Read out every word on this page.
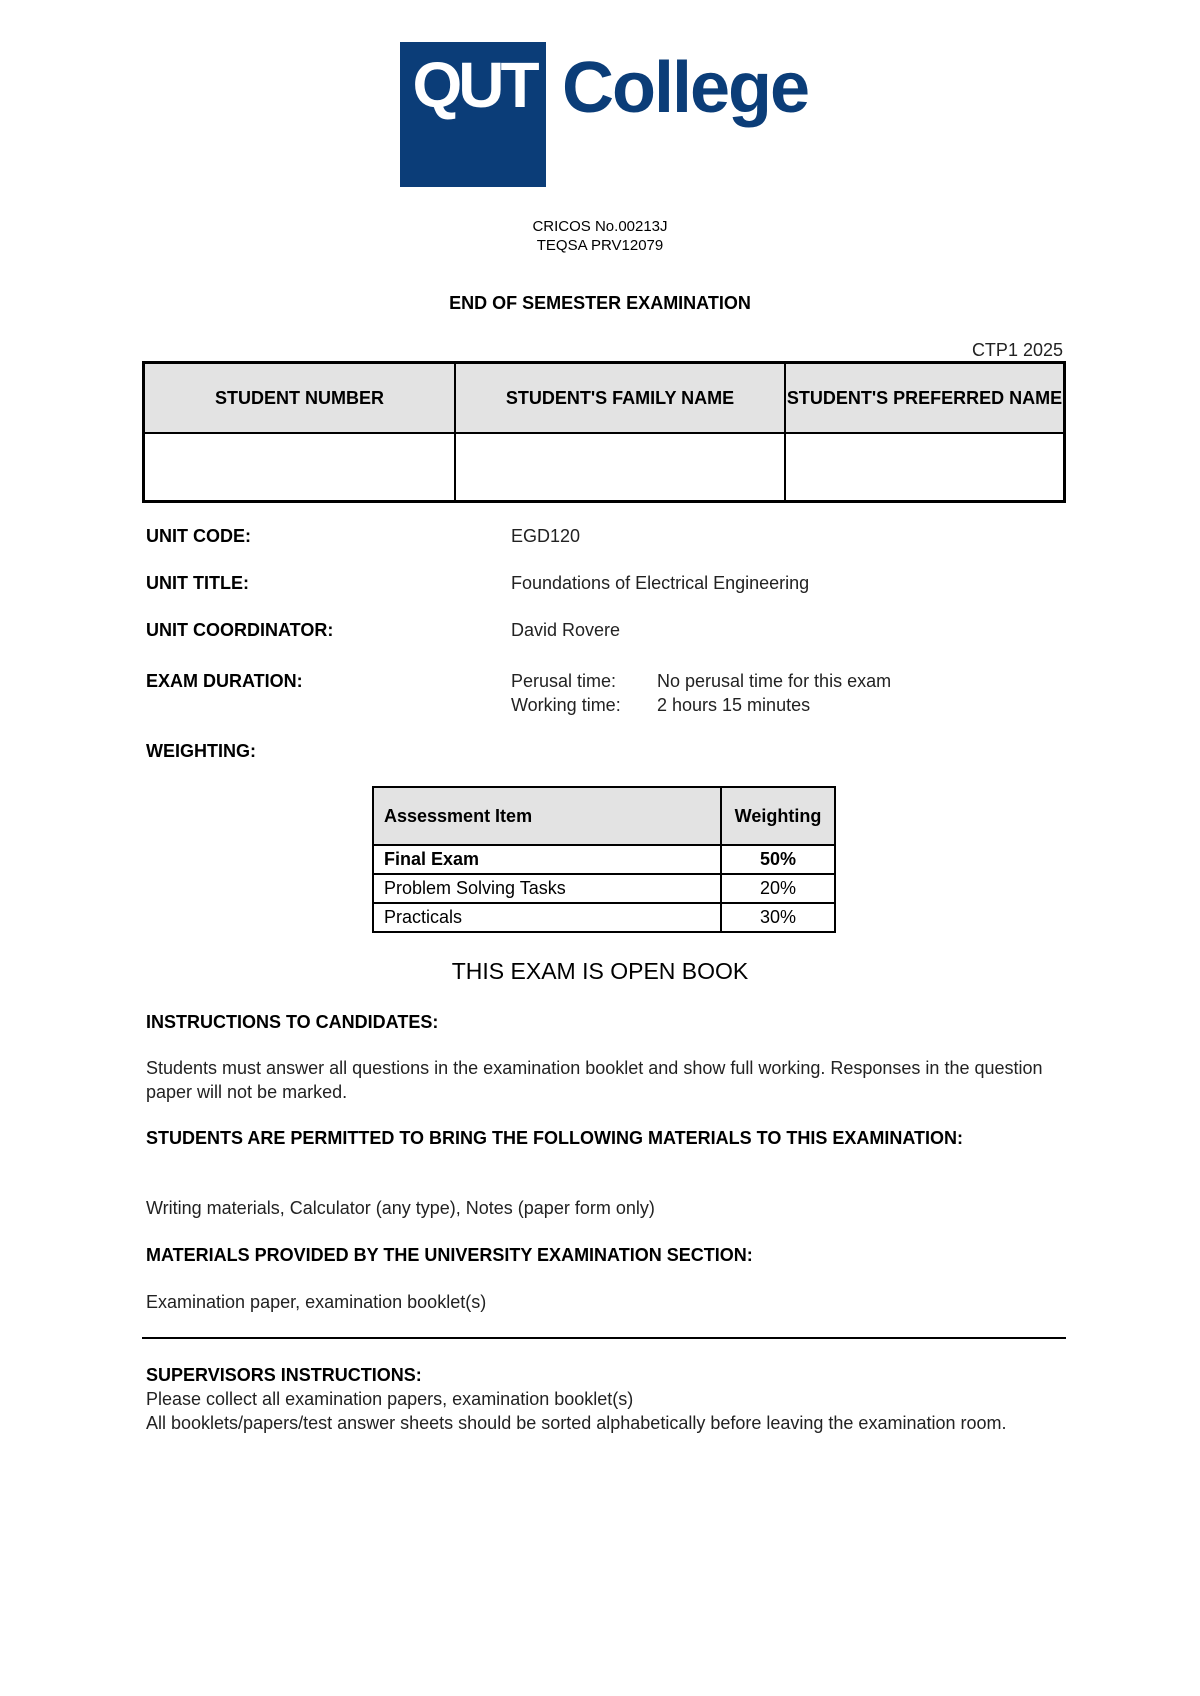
QUT College
CRICOS No.00213J
TEQSA PRV12079
END OF SEMESTER EXAMINATION
CTP1 2025
STUDENT NUMBER	STUDENT'S FAMILY NAME	STUDENT'S PREFERRED NAME

UNIT CODE:	EGD120
UNIT TITLE:	Foundations of Electrical Engineering
UNIT COORDINATOR:	David Rovere
EXAM DURATION:	Perusal time: No perusal time for this exam
Working time: 2 hours 15 minutes
WEIGHTING:
Assessment Item	Weighting
Final Exam	50%
Problem Solving Tasks	20%
Practicals	30%
THIS EXAM IS OPEN BOOK
INSTRUCTIONS TO CANDIDATES:
Students must answer all questions in the examination booklet and show full working. Responses in the question paper will not be marked.
STUDENTS ARE PERMITTED TO BRING THE FOLLOWING MATERIALS TO THIS EXAMINATION:
Writing materials, Calculator (any type), Notes (paper form only)
MATERIALS PROVIDED BY THE UNIVERSITY EXAMINATION SECTION:
Examination paper, examination booklet(s)
SUPERVISORS INSTRUCTIONS:
Please collect all examination papers, examination booklet(s)
All booklets/papers/test answer sheets should be sorted alphabetically before leaving the examination room.
